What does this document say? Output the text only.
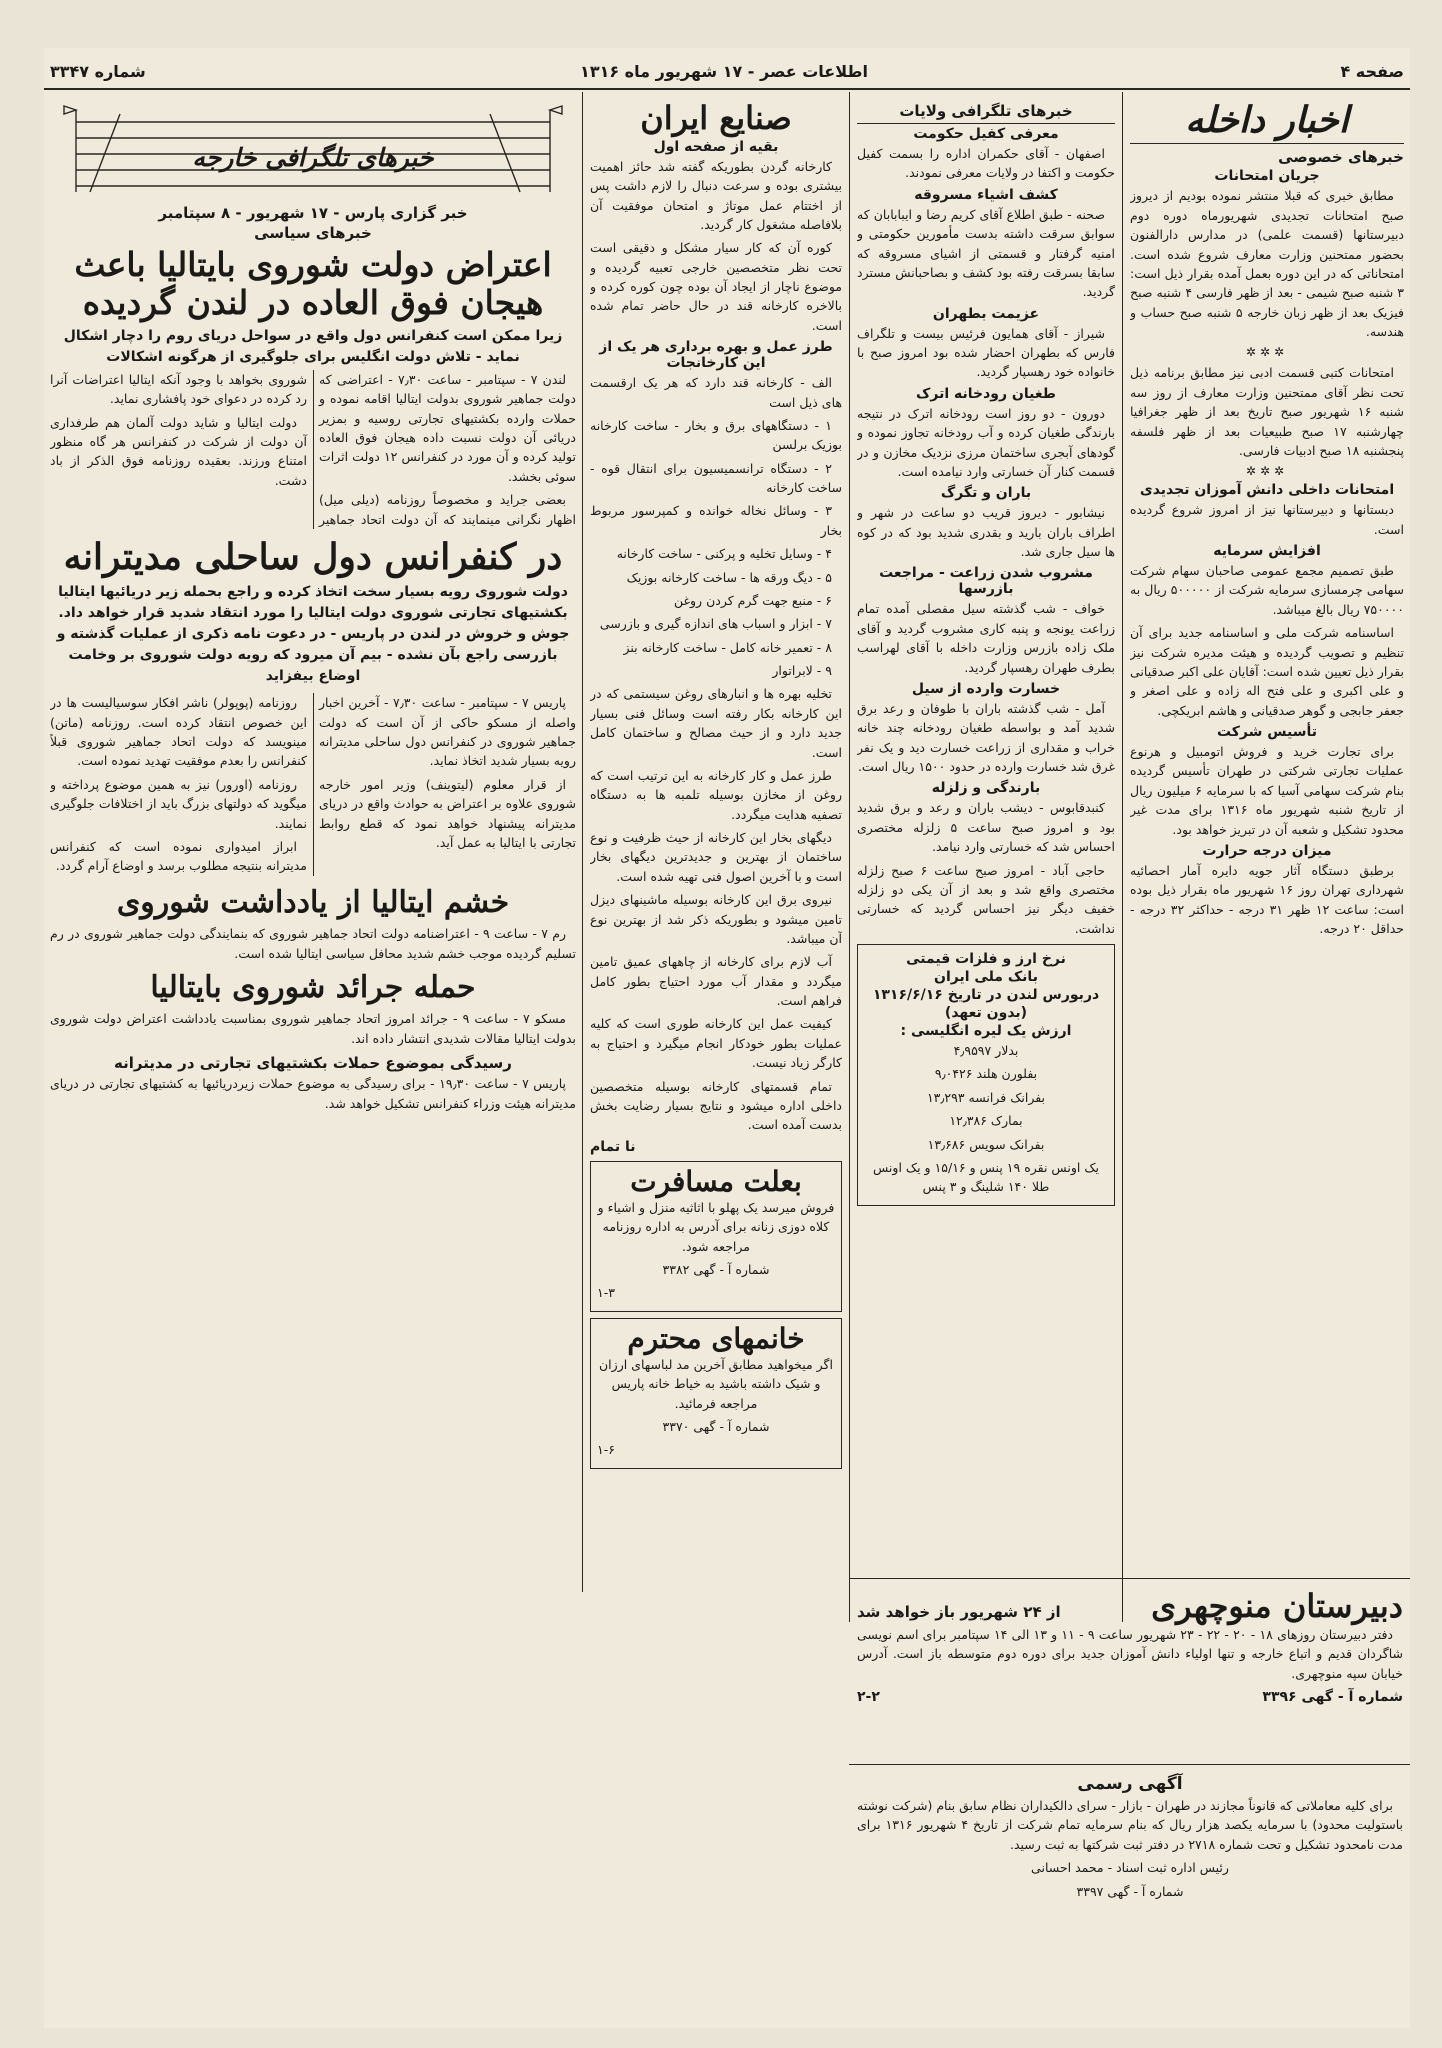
صفحه ۴
اطلاعات عصر - ۱۷ شهریور ماه ۱۳۱۶
شماره ۳۳۴۷
خبرهای تلگرافی خارجه
خبر گزاری پارس - ۱۷ شهریور - ۸ سپتامبر
خبرهای سیاسی
اعتراض دولت شوروی بایتالیا باعث هیجان فوق العاده در لندن گردیده
زیرا ممکن است کنفرانس دول واقع در سواحل دریای روم را دچار اشکال نماید - تلاش دولت انگلیس برای جلوگیری از هرگونه اشکالات

لندن ۷ - سپتامبر - ساعت ۷٫۳۰ - اعتراضی که دولت جماهیر شوروی بدولت ایتالیا اقامه نموده و حملات وارده بکشتیهای تجارتی روسیه و بمزیر دریائی آن دولت نسبت داده هیجان فوق العاده تولید کرده و آن مورد در کنفرانس ۱۲ دولت اثرات سوئی بخشد.

بعضی جراید و مخصوصاً روزنامه (دیلی میل) اظهار نگرانی مینمایند که آن دولت اتحاد جماهیر شوروی بخواهد با وجود آنکه ایتالیا اعتراضات آنرا رد کرده در دعوای خود پافشاری نماید.

دولت ایتالیا و شاید دولت آلمان هم طرفداری آن دولت از شرکت در کنفرانس هر گاه منظور امتناع ورزند. بعقیده روزنامه فوق الذکر از باد دشت.

در کنفرانس دول ساحلی مدیترانه
دولت شوروی رویه بسیار سخت اتخاذ کرده و راجع بحمله زیر دریائیها ایتالیا بکشتیهای تجارتی شوروی دولت ایتالیا را مورد انتقاد شدید قرار خواهد داد. جوش و خروش در لندن در پاریس - در دعوت نامه ذکری از عملیات گذشته و بازرسی راجع بآن نشده - بیم آن میرود که رویه دولت شوروی بر وخامت اوضاع بیفزاید

پاریس ۷ - سپتامبر - ساعت ۷٫۳۰ - آخرین اخبار واصله از مسکو حاکی از آن است که دولت جماهیر شوروی در کنفرانس دول ساحلی مدیترانه رویه بسیار شدید اتخاذ نماید.

از قرار معلوم (لیتوینف) وزیر امور خارجه شوروی علاوه بر اعتراض به حوادث واقع در دریای مدیترانه پیشنهاد خواهد نمود که قطع روابط تجارتی با ایتالیا به عمل آید.

روزنامه (پوپولر) ناشر افکار سوسیالیست ها در این خصوص انتقاد کرده است. روزنامه (ماتن) مینویسد که دولت اتحاد جماهیر شوروی قبلاً کنفرانس را بعدم موفقیت تهدید نموده است.

روزنامه (اورور) نیز به همین موضوع پرداخته و میگوید که دولتهای بزرگ باید از اختلافات جلوگیری نمایند.

ابراز امیدواری نموده است که کنفرانس مدیترانه بنتیجه مطلوب برسد و اوضاع آرام گردد.

خشم ایتالیا از یادداشت شوروی

رم ۷ - ساعت ۹ - اعتراضنامه دولت اتحاد جماهیر شوروی که بنمایندگی دولت جماهیر شوروی در رم تسلیم گردیده موجب خشم شدید محافل سیاسی ایتالیا شده است.

حمله جرائد شوروی بایتالیا

مسکو ۷ - ساعت ۹ - جرائد امروز اتحاد جماهیر شوروی بمناسبت یادداشت اعتراض دولت شوروی بدولت ایتالیا مقالات شدیدی انتشار داده اند.

رسیدگی بموضوع حملات بکشتیهای تجارتی در مدیترانه

پاریس ۷ - ساعت ۱۹٫۳۰ - برای رسیدگی به موضوع حملات زیردریائیها به کشتیهای تجارتی در دریای مدیترانه هیئت وزراء کنفرانس تشکیل خواهد شد.

صنایع ایران
بقیه از صفحه اول

کارخانه گردن بطوریکه گفته شد حائز اهمیت بیشتری بوده و سرعت دنبال را لازم داشت پس از اختتام عمل موتاژ و امتحان موفقیت آن بلافاصله مشغول کار گردید.

کوره آن که کار سیار مشکل و دقیقی است تحت نظر متخصصین خارجی تعبیه گردیده و موضوع ناچار از ایجاد آن بوده چون کوره کرده و بالاخره کارخانه قند در حال حاضر تمام شده است.

طرز عمل و بهره برداری هر یک از این کارخانجات

الف - کارخانه قند دارد که هر یک ارقسمت های ذیل است

۱ - دستگاههای برق و بخار - ساخت کارخانه بوزیک برلسن

۲ - دستگاه ترانسمیسیون برای انتقال قوه - ساخت کارخانه

۳ - وسائل نخاله خوانده و کمپرسور مربوط بخار

۴ - وسایل تخلیه و پرکنی - ساخت کارخانه

۵ - دیگ ورقه ها - ساخت کارخانه بوزیک

۶ - منبع جهت گرم کردن روغن

۷ - ابزار و اسباب های اندازه گیری و بازرسی

۸ - تعمیر خانه کامل - ساخت کارخانه بنز

۹ - لابراتوار

تخلیه بهره ها و انبارهای روغن سیستمی که در این کارخانه بکار رفته است وسائل فنی بسیار جدید دارد و از حیث مصالح و ساختمان کامل است.

طرز عمل و کار کارخانه به این ترتیب است که روغن از مخازن بوسیله تلمبه ها به دستگاه تصفیه هدایت میگردد.

دیگهای بخار این کارخانه از حیث ظرفیت و نوع ساختمان از بهترین و جدیدترین دیگهای بخار است و با آخرین اصول فنی تهیه شده است.

نیروی برق این کارخانه بوسیله ماشینهای دیزل تامین میشود و بطوریکه ذکر شد از بهترین نوع آن میباشد.

آب لازم برای کارخانه از چاههای عمیق تامین میگردد و مقدار آب مورد احتیاج بطور کامل فراهم است.

کیفیت عمل این کارخانه طوری است که کلیه عملیات بطور خودکار انجام میگیرد و احتیاج به کارگر زیاد نیست.

تمام قسمتهای کارخانه بوسیله متخصصین داخلی اداره میشود و نتایج بسیار رضایت بخش بدست آمده است.

نا تمام
بعلت مسافرت

فروش میرسد یک پهلو با اثاثیه منزل و اشیاء و کلاه دوزی زنانه برای آدرس به اداره روزنامه مراجعه شود.

شماره آ - گهی ۳۳۸۲

۱-۳

خانمهای محترم

اگر میخواهید مطابق آخرین مد لباسهای ارزان و شیک داشته باشید به خیاط خانه پاریس مراجعه فرمائید.

شماره آ - گهی ۳۳۷۰

۱-۶

خبرهای تلگرافی ولایات
معرفی کفیل حکومت

اصفهان - آقای حکمران اداره را بسمت کفیل حکومت و اکتفا در ولایات معرفی نمودند.

کشف اشیاء مسروقه

صحنه - طبق اطلاع آقای کریم رضا و ایبابابان که سوابق سرقت داشته بدست مأمورین حکومتی و امنیه گرفتار و قسمتی از اشیای مسروقه که سابقا بسرقت رفته بود کشف و بصاحبانش مسترد گردید.

عزیمت بطهران

شیراز - آقای همایون فرئیس بیست و تلگراف فارس که بطهران احضار شده بود امروز صبح با خانواده خود رهسپار گردید.

طغیان رودخانه اترک

دورون - دو روز است رودخانه اترک در نتیجه بارندگی طغیان کرده و آب رودخانه تجاوز نموده و گودهای آبجری ساختمان مرزی نزدیک مخازن و در قسمت کنار آن خسارتی وارد نیامده است.

باران و تگرگ

نیشابور - دیروز قریب دو ساعت در شهر و اطراف باران بارید و بقدری شدید بود که در کوه ها سیل جاری شد.

مشروب شدن زراعت - مراجعت بازرسها

خواف - شب گذشته سیل مفصلی آمده تمام زراعت یونجه و پنبه کاری مشروب گردید و آقای ملک زاده بازرس وزارت داخله با آقای لهراسب بطرف طهران رهسپار گردید.

خسارت وارده از سیل

آمل - شب گذشته باران با طوفان و رعد برق شدید آمد و بواسطه طغیان رودخانه چند خانه خراب و مقداری از زراعت خسارت دید و یک نفر غرق شد خسارت وارده در حدود ۱۵۰۰ ریال است.

بارندگی و زلزله

کنبدقابوس - دیشب باران و رعد و برق شدید بود و امروز صبح ساعت ۵ زلزله مختصری احساس شد که خسارتی وارد نیامد.

حاجی آباد - امروز صبح ساعت ۶ صبح زلزله مختصری واقع شد و بعد از آن یکی دو زلزله خفیف دیگر نیز احساس گردید که خسارتی نداشت.

نرخ ارز و فلزات قیمتی
بانک ملی ایران
دربورس لندن در تاریخ ۱۳۱۶/۶/۱۶
(بدون تعهد)
ارزش یک لیره انگلیسی :

بدلار ۴٫۹۵۹۷

بفلورن هلند ۹٫۰۴۲۶

بفرانک فرانسه ۱۳٫۲۹۳

بمارک ۱۲٫۳۸۶

بفرانک سویس ۱۳٫۶۸۶

یک اونس نقره ۱۹ پنس و ۱۵/۱۶ و یک اونس طلا ۱۴۰ شلینگ و ۳ پنس

اخبار داخله
خبرهای خصوصی
جریان امتحانات

مطابق خبری که قبلا منتشر نموده بودیم از دیروز صبح امتحانات تجدیدی شهریورماه دوره دوم دبیرستانها (قسمت علمی) در مدارس دارالفنون بحضور ممتحنین وزارت معارف شروع شده است. امتحاناتی که در این دوره بعمل آمده بقرار ذیل است: ۳ شنبه صبح شیمی - بعد از ظهر فارسی ۴ شنبه صبح فیزیک بعد از ظهر زبان خارجه ۵ شنبه صبح حساب و هندسه.

✲✲✲

امتحانات کتبی قسمت ادبی نیز مطابق برنامه ذیل تحت نظر آقای ممتحنین وزارت معارف از روز سه شنبه ۱۶ شهریور صبح تاریخ بعد از ظهر جغرافیا چهارشنبه ۱۷ صبح طبیعیات بعد از ظهر فلسفه پنجشنبه ۱۸ صبح ادبیات فارسی.

✲✲✲
امتحانات داخلی دانش آموزان تجدیدی

دبستانها و دبیرستانها نیز از امروز شروع گردیده است.

افزایش سرمایه

طبق تصمیم مجمع عمومی صاحبان سهام شرکت سهامی چرمسازی سرمایه شرکت از ۵۰۰۰۰۰ ریال به ۷۵۰۰۰۰ ریال بالغ میباشد.

اساسنامه شرکت ملی و اساسنامه جدید برای آن تنظیم و تصویب گردیده و هیئت مدیره شرکت نیز بقرار ذیل تعیین شده است: آقایان علی اکبر صدقیانی و علی اکبری و علی فتح اله زاده و علی اصغر و جعفر جابجی و گوهر صدقیانی و هاشم ابریکچی.

تأسیس شرکت

برای تجارت خرید و فروش اتومبیل و هرنوع عملیات تجارتی شرکتی در طهران تأسیس گردیده بنام شرکت سهامی آسیا که با سرمایه ۶ میلیون ریال از تاریخ شنبه شهریور ماه ۱۳۱۶ برای مدت غیر محدود تشکیل و شعبه آن در تبریز خواهد بود.

میزان درجه حرارت

برطبق دستگاه آثار جویه دایره آمار احصائیه شهرداری تهران روز ۱۶ شهریور ماه بقرار ذیل بوده است: ساعت ۱۲ ظهر ۳۱ درجه - حداکثر ۳۲ درجه - حداقل ۲۰ درجه.

دبیرستان منوچهری
از ۲۴ شهریور باز خواهد شد

دفتر دبیرستان روزهای ۱۸ - ۲۰ - ۲۲ - ۲۳ شهریور ساعت ۹ - ۱۱ و ۱۳ الی ۱۴ سپتامبر برای اسم نویسی شاگردان قدیم و اتباع خارجه و تنها اولیاء دانش آموزان جدید برای دوره دوم متوسطه باز است. آدرس خیابان سپه منوچهری.

شماره آ - گهی ۳۳۹۶
۲-۲
آگهی رسمی

برای کلیه معاملاتی که قانوناً مجازند در طهران - بازار - سرای دالکیداران نظام سابق بنام (شرکت نوشته باستولیت محدود) با سرمایه یکصد هزار ریال که بنام سرمایه تمام شرکت از تاریخ ۴ شهریور ۱۳۱۶ برای مدت نامحدود تشکیل و تحت شماره ۲۷۱۸ در دفتر ثبت شرکتها به ثبت رسید.

رئیس اداره ثبت اسناد - محمد احسانی

شماره آ - گهی ۳۳۹۷
